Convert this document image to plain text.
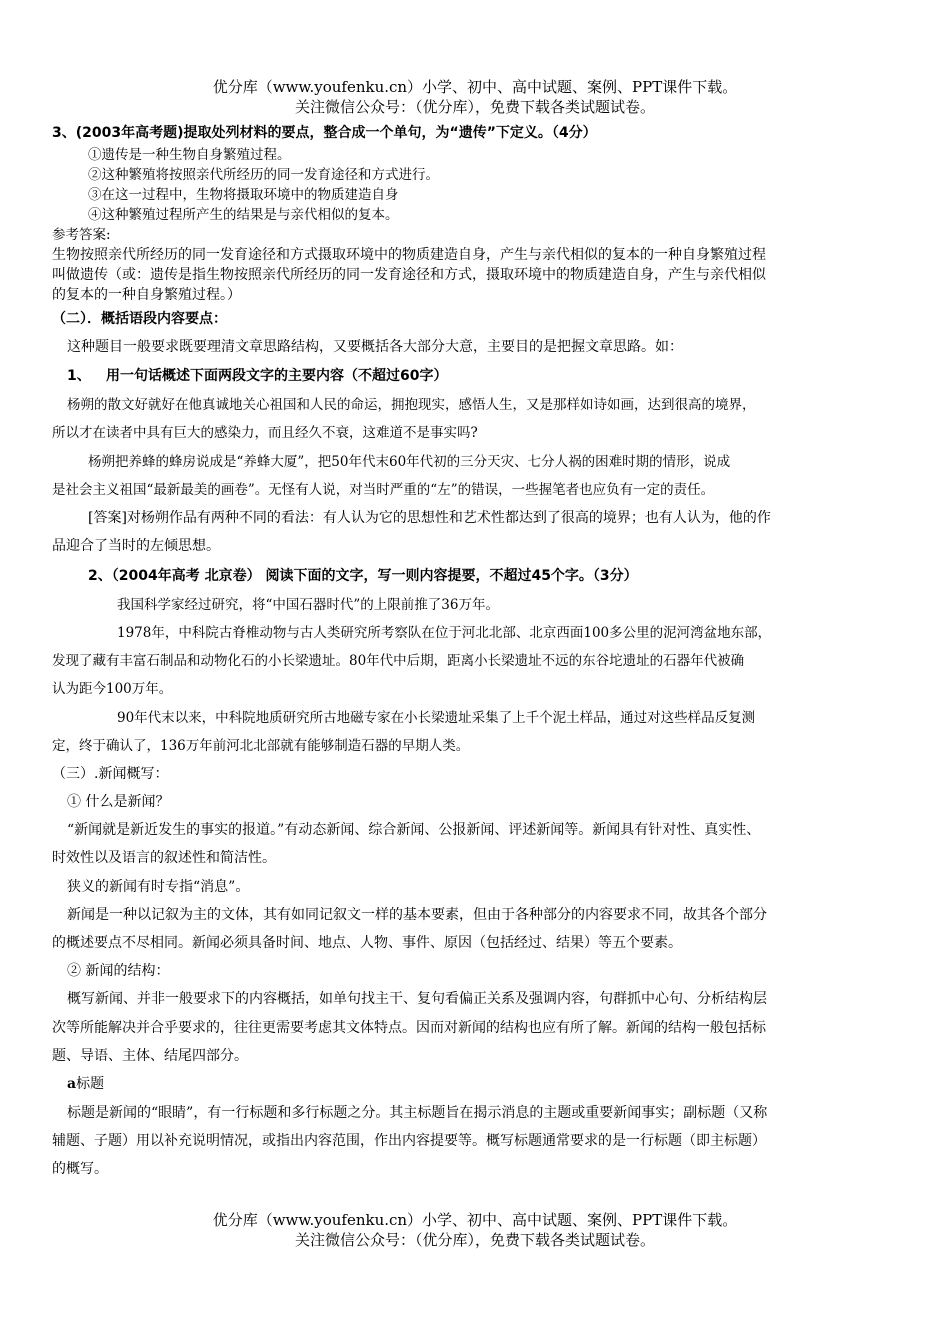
优分库（www.youfenku.cn）小学、初中、高中试题、案例、PPT课件下载。
关注微信公众号：（优分库），免费下载各类试题试卷。
3、(2003年高考题)提取处列材料的要点，整合成一个单句，为“遗传”下定义。（4分）
①遗传是一种生物自身繁殖过程。
②这种繁殖将按照亲代所经历的同一发育途径和方式进行。
③在这一过程中，生物将摄取环境中的物质建造自身
④这种繁殖过程所产生的结果是与亲代相似的复本。
参考答案:
生物按照亲代所经历的同一发育途径和方式摄取环境中的物质建造自身，产生与亲代相似的复本的一种自身繁殖过程
叫做遗传（或：遗传是指生物按照亲代所经历的同一发育途径和方式，摄取环境中的物质建造自身，产生与亲代相似
的复本的一种自身繁殖过程。）
（二）．概括语段内容要点：
这种题目一般要求既要理清文章思路结构，又要概括各大部分大意，主要目的是把握文章思路。如：
1、 用一句话概述下面两段文字的主要内容（不超过60字）
杨朔的散文好就好在他真诚地关心祖国和人民的命运，拥抱现实，感悟人生，又是那样如诗如画，达到很高的境界，
所以才在读者中具有巨大的感染力，而且经久不衰，这难道不是事实吗?
杨朔把养蜂的蜂房说成是“养蜂大厦”，把50年代末60年代初的三分天灾、七分人祸的困难时期的情形，说成
是社会主义祖国“最新最美的画卷”。无怪有人说，对当时严重的“左”的错误，一些握笔者也应负有一定的责任。
[答案]对杨朔作品有两种不同的看法：有人认为它的思想性和艺术性都达到了很高的境界；也有人认为，他的作
品迎合了当时的左倾思想。
2、（2004年高考 北京卷） 阅读下面的文字，写一则内容提要，不超过45个字。（3分）
我国科学家经过研究，将“中国石器时代”的上限前推了36万年。
1978年，中科院古脊椎动物与古人类研究所考察队在位于河北北部、北京西面100多公里的泥河湾盆地东部，
发现了藏有丰富石制品和动物化石的小长梁遗址。80年代中后期，距离小长梁遗址不远的东谷坨遗址的石器年代被确
认为距今100万年。
90年代末以来，中科院地质研究所古地磁专家在小长梁遗址采集了上千个泥土样品，通过对这些样品反复测
定，终于确认了，136万年前河北北部就有能够制造石器的早期人类。
（三）.新闻概写：
① 什么是新闻？
“新闻就是新近发生的事实的报道。”有动态新闻、综合新闻、公报新闻、评述新闻等。新闻具有针对性、真实性、
时效性以及语言的叙述性和简洁性。
狭义的新闻有时专指“消息”。
新闻是一种以记叙为主的文体，其有如同记叙文一样的基本要素，但由于各种部分的内容要求不同，故其各个部分
的概述要点不尽相同。新闻必须具备时间、地点、人物、事件、原因（包括经过、结果）等五个要素。
② 新闻的结构：
概写新闻、并非一般要求下的内容概括，如单句找主干、复句看偏正关系及强调内容，句群抓中心句、分析结构层
次等所能解决并合乎要求的，往往更需要考虑其文体特点。因而对新闻的结构也应有所了解。新闻的结构一般包括标
题、导语、主体、结尾四部分。
a标题
标题是新闻的“眼睛”，有一行标题和多行标题之分。其主标题旨在揭示消息的主题或重要新闻事实；副标题（又称
辅题、子题）用以补充说明情况，或指出内容范围，作出内容提要等。概写标题通常要求的是一行标题（即主标题）
的概写。
优分库（www.youfenku.cn）小学、初中、高中试题、案例、PPT课件下载。
关注微信公众号：（优分库），免费下载各类试题试卷。
